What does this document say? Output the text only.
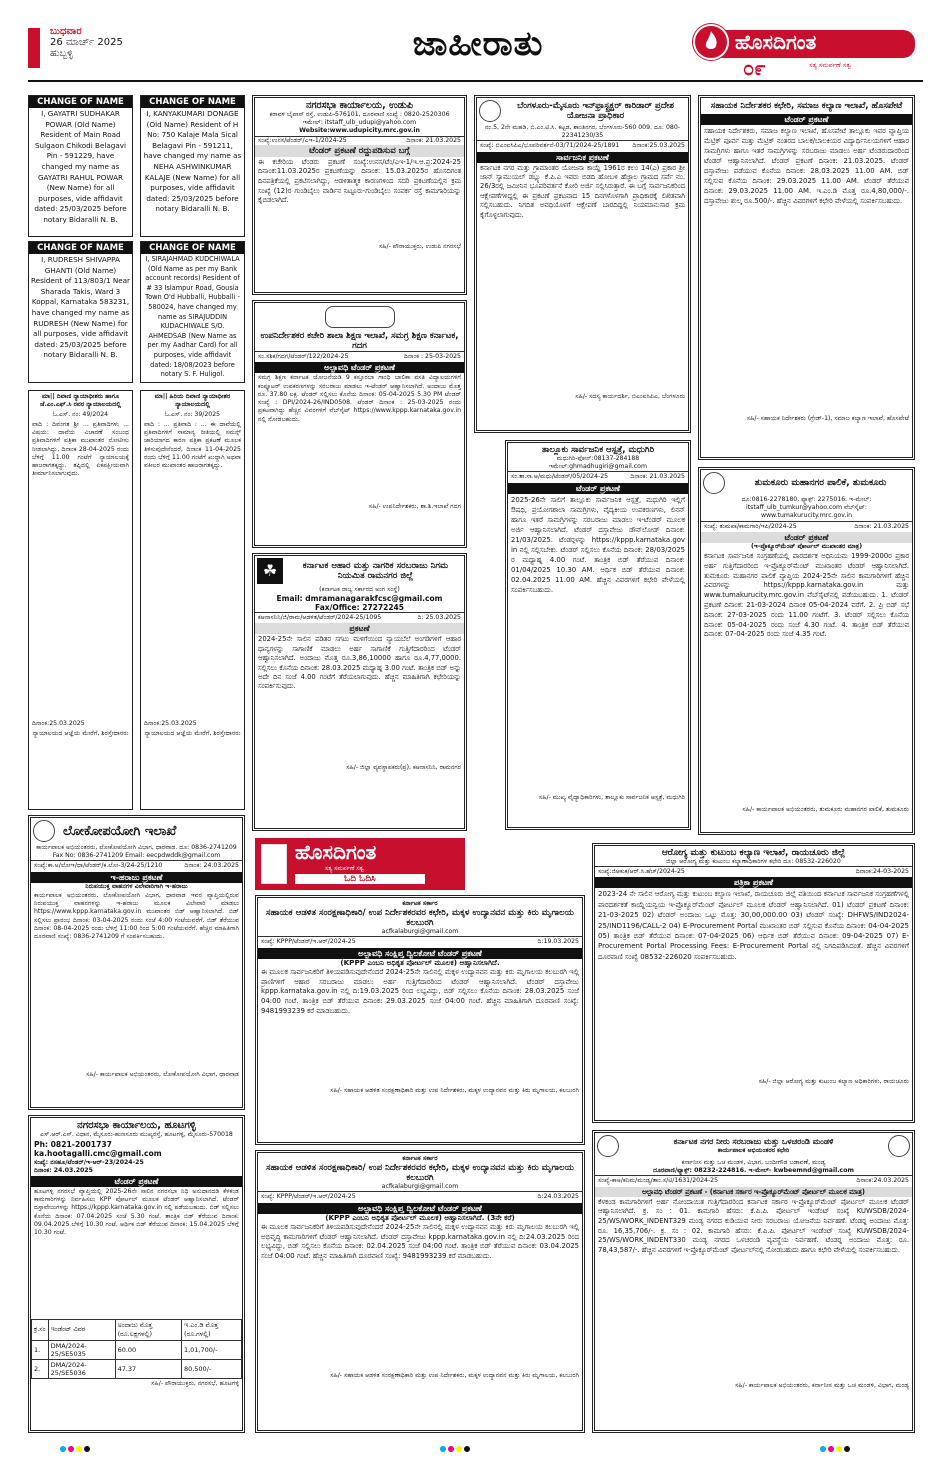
ಬುಧವಾರ
26 ಮಾರ್ಚ್ 2025
ಹುಬ್ಬಳ್ಳಿ	ಜಾಹೀರಾತು	ಹೊಸದಿಗಂತ
ಸತ್ಯ ಸಮರ್ಪಣೆ ಸತ್ವ
೦೯
CHANGE OF NAME
I, GAYATRI SUDHAKAR POWAR (Old Name) Resident of Main Road Sulgaon Chikodi Belagavi Pin - 591229, have changed my name as GAYATRI RAHUL POWAR (New Name) for all purposes, vide affidavit dated: 25/03/2025 before notary Bidaralli N. B.
CHANGE OF NAME
I, KANYAKUMARI DONAGE (Old Name) Resident of H No: 750 Kalaje Mala Sical Belagavi Pin - 591211, have changed my name as NEHA ASHWINKUMAR KALAJE (New Name) for all purposes, vide affidavit dated: 25/03/2025 before notary Bidaralli N. B.
CHANGE OF NAME
I, RUDRESH SHIVAPPA GHANTI (Old Name) Resident of 113/803/1 Near Sharada Takis, Ward 3 Koppal, Karnataka 583231, have changed my name as RUDRESH (New Name) for all purposes, vide affidavit dated: 25/03/2025 before notary Bidaralli N. B.
CHANGE OF NAME
I, SIRAJAHMAD KUDCHIWALA (Old Name as per my Bank account records) Resident of # 33 Islampur Road, Gousia Town O'd Hubballi, Hubballi - 580024, have changed my name as SIRAJUDDIN KUDACHIWALE S/O. AHMEDSAB (New Name as per my Aadhar Card) for all purposes, vide affidavit dated: 18/08/2023 before notary S. F. Huligol.
ಮಾ|| ದಿವಾಣಿ ನ್ಯಾಯಾಧೀಶರು ಹಾಗೂ ಜೆ.ಎಂ.ಎಫ್.ಸಿ ರವರ ನ್ಯಾಯಾಲಯದಲ್ಲಿ
ಓ.ಎಸ್. ನಂ: 49/2024
ವಾದಿ : ದಿವಂಗತ ಶ್ರೀ ... ಪ್ರತಿವಾದಿಗಳು ... ವಿಷಯ: ದಾವೆಯ ವಿಚಾರಣೆ ಸಂಬಂಧ ಪ್ರತಿವಾದಿಗಳಿಗೆ ಪತ್ರಿಕಾ ಮುಖಾಂತರ ನೋಟೀಸು ನೀಡಲಾಗಿದ್ದು, ದಿನಾಂಕ 28-04-2025 ರಂದು ಬೆಳಿಗ್ಗೆ 11.00 ಗಂಟೆಗೆ ನ್ಯಾಯಾಲಯಕ್ಕೆ ಹಾಜರಾಗತಕ್ಕದ್ದು. ತಪ್ಪಿದಲ್ಲಿ ಏಕಪಕ್ಷೀಯವಾಗಿ ತೀರ್ಮಾನಿಸಲಾಗುವುದು.
ದಿನಾಂಕ:25.03.2025
ನ್ಯಾಯಾಲಯದ ಆಜ್ಞೆಯ ಮೇರೆಗೆ, ಶಿರಸ್ತೇದಾರರು
ಮಾ|| ಹಿರಿಯ ದಿವಾಣಿ ನ್ಯಾಯಾಧೀಶರ ನ್ಯಾಯಾಲಯದಲ್ಲಿ
ಓ.ಎಸ್. ನಂ: 39/2025
ವಾದಿ : ... ಪ್ರತಿವಾದಿ : ... ಈ ದಾವೆಯಲ್ಲಿ ಪ್ರತಿವಾದಿಗಳಿಗೆ ಸಾಮಾನ್ಯ ರೀತಿಯಲ್ಲಿ ಸಮನ್ಸ್ ಜಾರಿಯಾಗದ ಕಾರಣ ಪತ್ರಿಕಾ ಪ್ರಕಟಣೆ ಮೂಲಕ ತಿಳಿಸುವುದೇನೆಂದರೆ, ದಿನಾಂಕ 11-04-2025 ರಂದು ಬೆಳಿಗ್ಗೆ 11.00 ಗಂಟೆಗೆ ಖುದ್ದಾಗಿ ಅಥವಾ ವಕೀಲರ ಮುಖಾಂತರ ಹಾಜರಾಗತಕ್ಕದ್ದು.
ದಿನಾಂಕ:25.03.2025
ನ್ಯಾಯಾಲಯದ ಆಜ್ಞೆಯ ಮೇರೆಗೆ, ಶಿರಸ್ತೇದಾರರು
ಲೋಕೋಪಯೋಗಿ ಇಲಾಖೆ
ಕಾರ್ಯಪಾಲಕ ಅಭಿಯಂತರರು, ಲೋಕೋಪಯೋಗಿ ವಿಭಾಗ, ಧಾರವಾಡ. ದೂ: 0836-2741209 Fax No: 0836-2741209 Email: eecpdwddk@gmail.com
ಸಂಖ್ಯೆ:ಕಾ.ಅ/ಲೋಇ/ಧಾ/ಟೆಂಡರ್/ಕ.ಲೋ-3/24-25/1210	ದಿನಾಂಕ: 24.03.2025
ಇ-ಹರಾಜು ಪ್ರಕಟಣೆ
ನಿರುಪಯುಕ್ತ ವಾಹನಗಳ ವಿಲೇವಾರಿಗಾಗಿ ಇ-ಹರಾಜು
ಕಾರ್ಯಪಾಲಕ ಅಭಿಯಂತರರು, ಲೋಕೋಪಯೋಗಿ ವಿಭಾಗ, ಧಾರವಾಡ ಇವರ ವ್ಯಾಪ್ತಿಯಲ್ಲಿರುವ ನಿರುಪಯುಕ್ತ ವಾಹನಗಳನ್ನು ಇ-ಹರಾಜು ಮೂಲಕ ವಿಲೇವಾರಿ ಮಾಡಲು https://www.kppp.karnataka.gov.in ಮುಖಾಂತರ ಬಿಡ್ ಆಹ್ವಾನಿಸಲಾಗಿದೆ. ಬಿಡ್ ಸಲ್ಲಿಸಲು ಪ್ರಾರಂಭ ದಿನಾಂಕ: 03-04-2025 ರಂದು ಸಂಜೆ 4:00 ಗಂಟೆಯವರೆಗೆ. ಬಿಡ್ ತೆರೆಯುವ ದಿನಾಂಕ: 08-04-2025 ರಂದು ಬೆಳಿಗ್ಗೆ 11:00 ರಿಂದ 5:00 ಗಂಟೆಯವರೆಗೆ. ಹೆಚ್ಚಿನ ಮಾಹಿತಿಗಾಗಿ ದೂರವಾಣಿ ಸಂಖ್ಯೆ: 0836-2741209 ಗೆ ಸಂಪರ್ಕಿಸಬಹುದು.
ಸಹಿ/- ಕಾರ್ಯಪಾಲಕ ಅಭಿಯಂತರರು, ಲೋಕೋಪಯೋಗಿ ವಿಭಾಗ, ಧಾರವಾಡ
ನಗರಸಭಾ ಕಾರ್ಯಾಲಯ, ಹೂಟಗಳ್ಳಿ
ಎಸ್.ಆರ್.ಎಸ್. ವಿಧಾನ, ಮೈಸೂರು-ಹುಣಸೂರು ಮುಖ್ಯರಸ್ತೆ, ಹೂಟಗಳ್ಳಿ, ಮೈಸೂರು-570018
Ph: 0821-2001737 ka.hootagalli.cmc@gmail.com
ಸಂಖ್ಯೆ: ನಸಹೂ/ಟೆಂಡರ್/ಇ-ಆರ್-23/2024-25
ದಿನಾಂಕ: 24.03.2025
ಟೆಂಡರ್ ಪ್ರಕಟಣೆ
ಹೂಟಗಳ್ಳಿ ನಗರಸಭೆ ವ್ಯಾಪ್ತಿಯಲ್ಲಿ 2025-26ನೇ ಸಾಲಿನ ನಗರಸಭಾ ನಿಧಿ ಅನುದಾನದಡಿ ಕೆಳಕಂಡ ಕಾಮಗಾರಿಗಳನ್ನು ನಿರ್ವಹಿಸಲು KPP ಪೋರ್ಟಲ್ ಮೂಲಕ ಟೆಂಡರ್ ಆಹ್ವಾನಿಸಲಾಗಿದೆ. ಟೆಂಡರ್ ದಸ್ತಾವೇಜುಗಳನ್ನು https://kppp.karnataka.gov.in ನಲ್ಲಿ ಪಡೆಯಬಹುದು. ಬಿಡ್ ಸಲ್ಲಿಸಲು ಕೊನೆಯ ದಿನಾಂಕ: 07.04.2025 ಸಂಜೆ 5.30 ಗಂಟೆ. ತಾಂತ್ರಿಕ ಬಿಡ್ ತೆರೆಯುವ ದಿನಾಂಕ: 09.04.2025 ಬೆಳಿಗ್ಗೆ 10.30 ಗಂಟೆ. ಆರ್ಥಿಕ ಬಿಡ್ ತೆರೆಯುವ ದಿನಾಂಕ: 15.04.2025 ಬೆಳಿಗ್ಗೆ 10.30 ಗಂಟೆ.
ಕ್ರ.ಸಂ	ಇಂಡೆಂಟ್ ವಿವರ	ಅಂದಾಜು ಮೊತ್ತ (ರೂ.ಲಕ್ಷಗಳಲ್ಲಿ)	ಇ.ಎಂ.ಡಿ ಮೊತ್ತ (ರೂ.ಗಳಲ್ಲಿ)
1.	DMA/2024-25/SE5035	60.00	1,01,700/-
2.	DMA/2024-25/SE5036	47.37	80,500/-
ಸಹಿ/- ಪೌರಾಯುಕ್ತರು, ನಗರಸಭೆ, ಹೂಟಗಳ್ಳಿ
ನಗರಸಭಾ ಕಾರ್ಯಾಲಯ, ಉಡುಪಿ
ಕರಾವಳಿ ಬೈಪಾಸ್ ರಸ್ತೆ, ಉಡುಪಿ-576101, ದೂರವಾಣಿ ಸಂಖ್ಯೆ : 0820-2520306
ಇಮೇಲ್: itstaff_ulb_udupi@yahoo.com
Website:www.udupicity.mrc.gov.in
ಸಂಖ್ಯೆ:ಉನಸ/ಟೆಂಡರ್/ಎಇ-1/2024-25	ದಿನಾಂಕ: 21.03.2025
ಟೆಂಡರ್ ಪ್ರಕಟಣೆ ರದ್ದುಪಡಿಸುವ ಬಗ್ಗೆ
ಈ ಕಚೇರಿಯ ಟೆಂಡರು ಪ್ರಕಟಣೆ ಸಂಖ್ಯೆ:ಉನಸ/ಟೆಂ/ಎಇ-1/ಇ.ಆ.ಪ್ರ:2024-25 ದಿನಾಂಕ:11.03.2025ರ ಪ್ರಕಟಣೆಯನ್ನು ದಿನಾಂಕ: 15.03.2025ರ ಹೊಸದಿಗಂತ ದಿನಪತ್ರಿಕೆಯಲ್ಲಿ ಪ್ರಕಟಿಸಲಾಗಿದ್ದು, ಆಡಳಿತಾತ್ಮಕ ಕಾರಣಗಳಿಂದ ಸದರಿ ಪ್ರಕಟಣೆಯಲ್ಲಿನ ಕ್ರಮ ಸಂಖ್ಯೆ (12)ರ ಗುಂಡಿಬೈಲು ವಾರ್ಡಿನ ನಿಟ್ಟೂರು-ಗುಂಡಿಬೈಲು ಸಂಪರ್ಕ ರಸ್ತೆ ಕಾಮಗಾರಿಯನ್ನು ಕೈಬಿಡಲಾಗಿದೆ.
ಸಹಿ/- ಪೌರಾಯುಕ್ತರು, ಉಡುಪಿ ನಗರಸಭೆ
ಉಪನಿರ್ದೇಶಕರ ಕಚೇರಿ ಶಾಲಾ ಶಿಕ್ಷಣ ಇಲಾಖೆ, ಸಮಗ್ರ ಶಿಕ್ಷಣ ಕರ್ನಾಟಕ, ಗದಗ
ಸಂ.ಸಶಿಕ/ಗದಗ/ಟೆಂಡರ್/122/2024-25	ದಿನಾಂಕ : 25-03-2025
ಅಲ್ಪಾವಧಿ ಟೆಂಡರ್ ಪ್ರಕಟಣೆ
ಸಮಗ್ರ ಶಿಕ್ಷಣ ಕರ್ನಾಟಕ ಯೋಜನೆಯಡಿ 9 ಕಸ್ತೂರಬಾ ಗಾಂಧಿ ಬಾಲಿಕಾ ವಸತಿ ವಿದ್ಯಾಲಯಗಳಿಗೆ ಕಂಪ್ಯೂಟರ್ ಉಪಕರಣಗಳನ್ನು ಸರಬರಾಜು ಮಾಡಲು ಇ-ಟೆಂಡರ್ ಆಹ್ವಾನಿಸಲಾಗಿದೆ. ಅಂದಾಜು ಮೊತ್ತ ರೂ. 37.80 ಲಕ್ಷ. ಟೆಂಡರ್ ಸಲ್ಲಿಸಲು ಕೊನೆಯ ದಿನಾಂಕ: 05-04-2025 5.30 PM ಟೆಂಡರ್ ಸಂಖ್ಯೆ : DPI/2024-26/IND0508. ಟೆಂಡರ್ ದಿನಾಂಕ : 25-03-2025 ರಂದು ಪ್ರಕಟವಾಗಿದ್ದು ಹೆಚ್ಚಿನ ವಿವರಗಳಿಗೆ ವೆಬ್‍ಸೈಟ್ https://www.kppp.karnataka.gov.in ನಲ್ಲಿ ನೋಡಬಹುದು.
ಸಹಿ/- ಉಪನಿರ್ದೇಶಕರು, ಶಾ.ಶಿ.ಇಲಾಖೆ ಗದಗ
☘	ಕರ್ನಾಟಕ ಆಹಾರ ಮತ್ತು ನಾಗರಿಕ ಸರಬರಾಜು ನಿಗಮ ನಿಯಮಿತ ರಾಮನಗರ ಜಿಲ್ಲೆ
(ಕರ್ನಾಟಕ ರಾಜ್ಯ ಸರ್ಕಾರದ ಅಂಗ ಸಂಸ್ಥೆ)
Email: dmramanagarakfcsc@gmail.com
Fax/Office: 27272245
ಕಆನಾಸನಿನಿ/ಜಿ/ರಾಮ/ಆಡಳಿತ/ಟೆಂಡರ್/2024-25/1095	ದಿ: 25.03.2025
ಪ್ರಕಟಣೆ
2024-25ನೇ ಸಾಲಿನ ಪಡಿತರ ಸಗಟು ಮಳಿಗೆಯಿಂದ ನ್ಯಾಯಬೆಲೆ ಅಂಗಡಿಗಳಿಗೆ ಆಹಾರ ಧಾನ್ಯಗಳನ್ನು ಸಾಗಾಣಿಕೆ ಮಾಡಲು ಅರ್ಹ ಸಾಗಾಣಿಕೆ ಗುತ್ತಿಗೆದಾರರಿಂದ ಟೆಂಡರ್ ಆಹ್ವಾನಿಸಲಾಗಿದೆ. ಅಂದಾಜು ಮೊತ್ತ ರೂ.3,86,10000 ಹಾಗೂ ರೂ.4,77,0000. ಸಲ್ಲಿಸಲು ಕೊನೆಯ ದಿನಾಂಕ: 28.03.2025 ಮಧ್ಯಾಹ್ನ 3.00 ಗಂಟೆ. ತಾಂತ್ರಿಕ ಬಿಡ್ ಅನ್ನು ಅದೇ ದಿನ ಸಂಜೆ 4.00 ಗಂಟೆಗೆ ತೆರೆಯಲಾಗುವುದು. ಹೆಚ್ಚಿನ ಮಾಹಿತಿಗಾಗಿ ಕಛೇರಿಯನ್ನು ಸಂಪರ್ಕಿಸುವುದು.
ಸಹಿ/- ಜಿಲ್ಲಾ ವ್ಯವಸ್ಥಾಪಕರು(ಪ್ರ), ಕಆನಾಸನಿನಿ, ರಾಮನಗರ
ಹೊಸದಿಗಂತ
ಸತ್ಯ ಸಮರ್ಪಣೆ ಸತ್ವ
ಓದಿ ಓದಿಸಿ
ಬೆಂಗಳೂರು-ಮೈಸೂರು ಇನ್‍ಫ್ರಾಸ್ಟ್ರಕ್ಚರ್ ಕಾರಿಡಾರ್ ಪ್ರದೇಶ ಯೋಜನಾ ಪ್ರಾಧಿಕಾರ
ನಂ.5, 2ನೇ ಮಹಡಿ, ಬಿ.ಎಂ.ಟಿ.ಸಿ. ಕಟ್ಟಡ, ಶಾಂತಿನಗರ, ಬೆಂಗಳೂರು-560 009. ದೂ: 080-22341230/35
ಸಂಖ್ಯೆ: ಬಿಎಂಐಸಿಪಿಎ/ಭೂಪರಿವರ್ತನೆ-03/71/2024-25/1891 ದಿನಾಂಕ:25.03.2025
ಸಾರ್ವಜನಿಕ ಪ್ರಕಟಣೆ
ಕರ್ನಾಟಕ ನಗರ ಮತ್ತು ಗ್ರಾಮಾಂತರ ಯೋಜನಾ ಕಾಯ್ದೆ 1961ರ ಕಲಂ 14(ಎ) ಪ್ರಕಾರ ಶ್ರೀ ಜಾನ್ ಸ್ಯಾಮುಯಲ್ ಡಬ್ಲ್ಯು ಕೆ.ಪಿ.ಎ ಇವರು ಬಿಡದಿ ಹೋಬಳಿ ಹೆಜ್ಜಾಲ ಗ್ರಾಮದ ಸರ್ವೆ ನಂ. 26/3ರಲ್ಲಿ ಜಮೀನಿನ ಭೂಪರಿವರ್ತನೆ ಕೋರಿ ಅರ್ಜಿ ಸಲ್ಲಿಸಿರುತ್ತಾರೆ. ಈ ಬಗ್ಗೆ ಸಾರ್ವಜನಿಕರಿಂದ ಆಕ್ಷೇಪಣೆಗಳಿದ್ದಲ್ಲಿ ಈ ಪ್ರಕಟಣೆ ಪ್ರಕಟವಾದ 15 ದಿನಗಳೊಳಗಾಗಿ ಪ್ರಾಧಿಕಾರಕ್ಕೆ ಲಿಖಿತವಾಗಿ ಸಲ್ಲಿಸಬಹುದು. ನಿಗದಿತ ಅವಧಿಯೊಳಗೆ ಆಕ್ಷೇಪಣೆ ಬಾರದಿದ್ದಲ್ಲಿ ನಿಯಮಾನುಸಾರ ಕ್ರಮ ಕೈಗೊಳ್ಳಲಾಗುವುದು.
ಸಹಿ/- ಸದಸ್ಯ ಕಾರ್ಯದರ್ಶಿ, ಬಿಎಂಐಸಿಪಿಎ, ಬೆಂಗಳೂರು
ತಾಲ್ಲೂಕು ಸಾರ್ವಜನಿಕ ಆಸ್ಪತ್ರೆ, ಮಧುಗಿರಿ
ಮಧುಗಿರಿ-ಫೋನ್:08137-284188 ಇಮೇಲ್:ghmadhugiri@gmail.com
ಸಂ.ತಾ.ಸಾ.ಆ/ಮಧು/ಟೆಂಡರ್/05/2024-25	ದಿನಾಂಕ: 21.03.2025
ಟೆಂಡರ್ ಪ್ರಕಟಣೆ
2025-26ನೇ ಸಾಲಿಗೆ ತಾಲ್ಲೂಕು ಸಾರ್ವಜನಿಕ ಆಸ್ಪತ್ರೆ, ಮಧುಗಿರಿ ಇಲ್ಲಿಗೆ ಔಷಧಿ, ಪ್ರಯೋಗಶಾಲಾ ಸಾಮಗ್ರಿಗಳು, ವೈದ್ಯಕೀಯ ಉಪಕರಣಗಳು, ಲಿನನ್ ಹಾಗೂ ಇತರೆ ಸಾಮಗ್ರಿಗಳನ್ನು ಸರಬರಾಜು ಮಾಡಲು ಇ-ಟೆಂಡರ್ ಮೂಲಕ ಅರ್ಜಿ ಆಹ್ವಾನಿಸಲಾಗಿದೆ. ಟೆಂಡರ್ ದಸ್ತಾವೇಜು ಡೌನ್‍ಲೋಡ್ ದಿನಾಂಕ: 21/03/2025. ಟೆಂಡರ್‍ಗಳನ್ನು https://kppp.karnataka.gov in ನಲ್ಲಿ ಸಲ್ಲಿಸಬೇಕು. ಟೆಂಡರ್ ಸಲ್ಲಿಸಲು ಕೊನೆಯ ದಿನಾಂಕ: 28/03/2025 ರ ಮಧ್ಯಾಹ್ನ 4.00 ಗಂಟೆ. ತಾಂತ್ರಿಕ ಬಿಡ್ ತೆರೆಯುವ ದಿನಾಂಕ: 01/04/2025 10.30 AM. ಆರ್ಥಿಕ ಬಿಡ್ ತೆರೆಯುವ ದಿನಾಂಕ: 02.04.2025 11.00 AM. ಹೆಚ್ಚಿನ ವಿವರಗಳಿಗೆ ಕಛೇರಿ ವೇಳೆಯಲ್ಲಿ ಸಂಪರ್ಕಿಸಬಹುದು.
ಸಹಿ/- ಮುಖ್ಯ ವೈದ್ಯಾಧಿಕಾರಿಗಳು, ತಾಲ್ಲೂಕು ಸಾರ್ವಜನಿಕ ಆಸ್ಪತ್ರೆ, ಮಧುಗಿರಿ
ಸಹಾಯಕ ನಿರ್ದೇಶಕರ ಕಛೇರಿ, ಸಮಾಜ ಕಲ್ಯಾಣ ಇಲಾಖೆ, ಹೊಸಪೇಟೆ
ಟೆಂಡರ್ ಪ್ರಕಟಣೆ
ಸಹಾಯಕ ನಿರ್ದೇಶಕರು, ಸಮಾಜ ಕಲ್ಯಾಣ ಇಲಾಖೆ, ಹೊಸಪೇಟೆ ತಾಲ್ಲೂಕು ಇವರ ವ್ಯಾಪ್ತಿಯ ಮೆಟ್ರಿಕ್ ಪೂರ್ವ ಮತ್ತು ಮೆಟ್ರಿಕ್ ನಂತರದ ಬಾಲಕ/ಬಾಲಕಿಯರ ವಿದ್ಯಾರ್ಥಿನಿಲಯಗಳಿಗೆ ಆಹಾರ ಸಾಮಗ್ರಿಗಳು ಹಾಗೂ ಇತರೆ ಸಾಮಗ್ರಿಗಳನ್ನು ಸರಬರಾಜು ಮಾಡಲು ಅರ್ಹ ಟೆಂಡರುದಾರರಿಂದ ಟೆಂಡರ್ ಆಹ್ವಾನಿಸಲಾಗಿದೆ. ಟೆಂಡರ್ ಪ್ರಕಟಣೆ ದಿನಾಂಕ: 21.03.2025. ಟೆಂಡರ್ ದಸ್ತಾವೇಜು ಪಡೆಯುವ ಕೊನೆಯ ದಿನಾಂಕ: 28.03.2025 11.00 AM. ಬಿಡ್ ಸಲ್ಲಿಸುವ ಕೊನೆಯ ದಿನಾಂಕ: 29.03.2025 11.00 AM. ಟೆಂಡರ್ ತೆರೆಯುವ ದಿನಾಂಕ: 29.03.2025 11.00 AM. ಇ.ಎಂ.ಡಿ ಮೊತ್ತ ರೂ.4,80,000/-. ದಸ್ತಾವೇಜು ಶುಲ್ಕ ರೂ.500/-. ಹೆಚ್ಚಿನ ವಿವರಗಳಿಗೆ ಕಛೇರಿ ವೇಳೆಯಲ್ಲಿ ಸಂಪರ್ಕಿಸಬಹುದು.
ಸಹಿ/- ಸಹಾಯಕ ನಿರ್ದೇಶಕರು (ಗ್ರೇಡ್-1), ಸಮಾಜ ಕಲ್ಯಾಣ ಇಲಾಖೆ, ಹೊಸಪೇಟೆ
ತುಮಕೂರು ಮಹಾನಗರ ಪಾಲಿಕೆ, ತುಮಕೂರು
ದೂ:0816-2278180, ಫ್ಯಾಕ್ಸ್: 2275016. ಇ-ಮೇಲ್: itstaff_ulb_tumkur@yahoo.com ವೆಬ್‍ಸೈಟ್: www.tumakurucity.mrc.gov.in
ಸಂಖ್ಯೆ: ತುಮಪಾ/ಕಾಮಗಾರಿ/ಇಪಿ/2024-25	ದಿನಾಂಕ: 21.03.2025
ಟೆಂಡರ್ ಪ್ರಕಟಣೆ
(ಇ-ಪ್ರೊಕ್ಯೂರ್‌ಮೆಂಟ್ ಪೋರ್ಟಲ್ ಮುಖಾಂತರ ಮಾತ್ರ)
ಕರ್ನಾಟಕ ಸಾರ್ವಜನಿಕ ಸಂಗ್ರಹಣೆಯಲ್ಲಿ ಪಾರದರ್ಶಕ ಅಧಿನಿಯಮ 1999-2000ರ ಪ್ರಕಾರ ಅರ್ಹ ಗುತ್ತಿಗೆದಾರರಿಂದ ಇ-ಪ್ರೊಕ್ಯೂರ್‌ಮೆಂಟ್ ಮುಖಾಂತರ ಟೆಂಡರ್ ಆಹ್ವಾನಿಸಲಾಗಿದೆ. ತುಮಕೂರು ಮಹಾನಗರ ಪಾಲಿಕೆ ವ್ಯಾಪ್ತಿಯ 2024-25ನೇ ಸಾಲಿನ ಕಾಮಗಾರಿಗಳಿಗೆ ಹೆಚ್ಚಿನ ವಿವರಗಳನ್ನು https://kppp.karnataka.gov.in ಮತ್ತು www.tumakurucity.mrc.gov.in ವೆಬ್‍ಸೈಟ್‍ನಲ್ಲಿ ಪಡೆಯಬಹುದು. 1. ಟೆಂಡರ್ ಪ್ರಕಟಣೆ ದಿನಾಂಕ: 21-03-2024 ದಿನಾಂಕ 05-04-2024 ವರೆಗೆ. 2. ಪ್ರಿ ಬಿಡ್ ಸಭೆ ದಿನಾಂಕ: 27-03-2025 ರಂದು 11.00 ಗಂಟೆಗೆ. 3. ಟೆಂಡರ್ ಸಲ್ಲಿಸಲು ಕೊನೆಯ ದಿನಾಂಕ: 05-04-2025 ರಂದು ಸಂಜೆ 4.30 ಗಂಟೆ. 4. ತಾಂತ್ರಿಕ ಬಿಡ್ ತೆರೆಯುವ ದಿನಾಂಕ: 07-04-2025 ರಂದು ಸಂಜೆ 4.35 ಗಂಟೆ.
ಸಹಿ/- ಕಾರ್ಯಪಾಲಕ ಅಭಿಯಂತರರು, ತುಮಕೂರು ಮಹಾನಗರ ಪಾಲಿಕೆ, ತುಮಕೂರು
ಕರ್ನಾಟಕ ಸರ್ಕಾರ
ಸಹಾಯಕ ಆಡಳಿತ ಸಂರಕ್ಷಣಾಧಿಕಾರಿ/ ಉಪ ನಿರ್ದೇಶಕರವರ ಕಛೇರಿ, ಮಕ್ಕಳ ಉದ್ಯಾನವನ ಮತ್ತು ಕಿರು ಮೃಗಾಲಯ ಕಲಬುರಗಿ
acfkalaburgi@gmail.com
ಸಂಖ್ಯೆ: KPPP/ಟೆಂಡರ್/ಇ.ಆರ್/2024-25	ದಿ:19.03.2025
ಅಲ್ಪಾವಧಿ ಸಂಕ್ಷಿಪ್ತ ದ್ವಿಲಕೋಟೆ ಟೆಂಡರ್ ಪ್ರಕಟಣೆ
(KPPP ಎಂಬನಿ ಅಧಿಕೃತ ಪೋರ್ಟಲ್ ಮೂಲಕ) ಆಹ್ವಾನಿಸಲಾಗಿದೆ.
ಈ ಮೂಲಕ ಸಾರ್ವಜನಿಕರಿಗೆ ತಿಳಿಯಪಡಿಸುವುದೇನೆಂದರೆ 2024-25ನೇ ಸಾಲಿನಲ್ಲಿ ಮಕ್ಕಳ ಉದ್ಯಾನವನ ಮತ್ತು ಕಿರು ಮೃಗಾಲಯ ಕಲಬುರಗಿ ಇಲ್ಲಿ ಪ್ರಾಣಿಗಳಿಗೆ ಆಹಾರ ಸರಬರಾಜು ಮಾಡಲು ಅರ್ಹ ಗುತ್ತಿಗೆದಾರರಿಂದ ಟೆಂಡರ್ ಆಹ್ವಾನಿಸಲಾಗಿದೆ. ಟೆಂಡರ್ ದಸ್ತಾವೇಜು kppp.karnataka.gov.in ನಲ್ಲಿ ದಿ:19.03.2025 ರಿಂದ ಲಭ್ಯವಿದ್ದು, ಬಿಡ್ ಸಲ್ಲಿಸಲು ಕೊನೆಯ ದಿನಾಂಕ: 28.03.2025 ಸಂಜೆ 04:00 ಗಂಟೆ. ತಾಂತ್ರಿಕ ಬಿಡ್ ತೆರೆಯುವ ದಿನಾಂಕ: 29.03.2025 ಸಂಜೆ 04:00 ಗಂಟೆ. ಹೆಚ್ಚಿನ ಮಾಹಿತಿಗಾಗಿ ದೂರವಾಣಿ ಸಂಖ್ಯೆ: 9481993239 ಕರೆ ಮಾಡಬಹುದು.
ಸಹಿ/- ಸಹಾಯಕ ಆಡಳಿತ ಸಂರಕ್ಷಣಾಧಿಕಾರಿ ಮತ್ತು ಉಪ ನಿರ್ದೇಶಕರು, ಮಕ್ಕಳ ಉದ್ಯಾನವನ ಮತ್ತು ಕಿರು ಮೃಗಾಲಯ, ಕಲಬುರಗಿ
ಕರ್ನಾಟಕ ಸರ್ಕಾರ
ಸಹಾಯಕ ಆಡಳಿತ ಸಂರಕ್ಷಣಾಧಿಕಾರಿ/ ಉಪ ನಿರ್ದೇಶಕರವರ ಕಛೇರಿ, ಮಕ್ಕಳ ಉದ್ಯಾನವನ ಮತ್ತು ಕಿರು ಮೃಗಾಲಯ ಕಲಬುರಗಿ
acfkalaburgi@gmail.com
ಸಂಖ್ಯೆ: KPPP/ಟೆಂಡರ್/ಇ.ಆರ್/2024-25	ದಿ:24.03.2025
ಅಲ್ಪಾವಧಿ ಸಂಕ್ಷಿಪ್ತ ದ್ವಿಲಕೋಟೆ ಟೆಂಡರ್ ಪ್ರಕಟಣೆ
(KPPP ಎಂಬನಿ ಅಧಿಕೃತ ಪೋರ್ಟಲ್ ಮೂಲಕ) ಆಹ್ವಾನಿಸಲಾಗಿದೆ. (3ನೇ ಕರೆ)
ಈ ಮೂಲಕ ಸಾರ್ವಜನಿಕರಿಗೆ ತಿಳಿಯಪಡಿಸುವುದೇನೆಂದರೆ 2024-25ನೇ ಸಾಲಿನಲ್ಲಿ ಮಕ್ಕಳ ಉದ್ಯಾನವನ ಮತ್ತು ಕಿರು ಮೃಗಾಲಯ ಕಲಬುರಗಿ ಇಲ್ಲಿ ಅಭಿವೃದ್ಧಿ ಕಾಮಗಾರಿಗಳಿಗೆ ಟೆಂಡರ್ ಆಹ್ವಾನಿಸಲಾಗಿದೆ. ಟೆಂಡರ್ ದಸ್ತಾವೇಜು kppp.karnataka.gov.in ನಲ್ಲಿ ದಿ:24.03.2025 ರಿಂದ ಲಭ್ಯವಿದ್ದು, ಬಿಡ್ ಸಲ್ಲಿಸಲು ಕೊನೆಯ ದಿನಾಂಕ: 02.04.2025 ಸಂಜೆ 04:00 ಗಂಟೆ. ತಾಂತ್ರಿಕ ಬಿಡ್ ತೆರೆಯುವ ದಿನಾಂಕ: 03.04.2025 ಸಂಜೆ 04:00 ಗಂಟೆ. ಹೆಚ್ಚಿನ ಮಾಹಿತಿಗಾಗಿ ದೂರವಾಣಿ ಸಂಖ್ಯೆ: 9481993239 ಕರೆ ಮಾಡಬಹುದು.
ಸಹಿ/- ಸಹಾಯಕ ಆಡಳಿತ ಸಂರಕ್ಷಣಾಧಿಕಾರಿ ಮತ್ತು ಉಪ ನಿರ್ದೇಶಕರು, ಮಕ್ಕಳ ಉದ್ಯಾನವನ ಮತ್ತು ಕಿರು ಮೃಗಾಲಯ, ಕಲಬುರಗಿ
ಆರೋಗ್ಯ ಮತ್ತು ಕುಟುಂಬ ಕಲ್ಯಾಣ ಇಲಾಖೆ, ರಾಯಚೂರು ಜಿಲ್ಲೆ
ಜಿಲ್ಲಾ ಆರೋಗ್ಯ ಮತ್ತು ಕುಟುಂಬ ಕಲ್ಯಾಣಾಧಿಕಾರಿಗಳ ಕಛೇರಿ ದೂ: 08532-226020
ಸಂಖ್ಯೆ:ಜಿಆಕುಕ/ಆರ್.ಸಿ.ಹೆಚ್/2024-25	ದಿನಾಂಕ:24-03-2025
ಪತ್ರಿಕಾ ಪ್ರಕಟಣೆ
2023-24 ನೇ ಸಾಲಿನ ಆರೋಗ್ಯ ಮತ್ತು ಕುಟುಂಬ ಕಲ್ಯಾಣ ಇಲಾಖೆ, ರಾಯಚೂರು ಜಿಲ್ಲೆ ವತಿಯಿಂದ ಕರ್ನಾಟಕ ಸಾರ್ವಜನಿಕ ಸಂಗ್ರಹಣೆಗಳಲ್ಲಿ ಪಾರದರ್ಶಕತೆ ಕಾಯ್ದೆಯನ್ವಯ ಇ-ಪ್ರೊಕ್ಯೂರ್‌ಮೆಂಟ್ ಪೋರ್ಟಲ್ ಮೂಲಕ ಟೆಂಡರ್ ಆಹ್ವಾನಿಸಲಾಗಿದೆ. 01) ಟೆಂಡರ್ ಪ್ರಕಟಣೆ ದಿನಾಂಕ: 21-03-2025 02) ಟೆಂಡರ್ ಅಂದಾಜು ಒಟ್ಟು ಮೊತ್ತ: 30,00,000.00 03) ಟೆಂಡರ್ ಸಂಖ್ಯೆ: DHFWS/IND2024-25/IND1196/CALL-2 04) E-Procurement Portal ಮುಖಾಂತರ ಬಿಡ್ ಸಲ್ಲಿಸುವ ಕೊನೆಯ ದಿನಾಂಕ: 04-04-2025 05) ತಾಂತ್ರಿಕ ಬಿಡ್ ತೆರೆಯುವ ದಿನಾಂಕ: 07-04-2025 06) ಆರ್ಥಿಕ ಬಿಡ್ ತೆರೆಯುವ ದಿನಾಂಕ: 09-04-2025 07) E-Procurement Portal Processing Fees: E-Procurement Portal ನಲ್ಲಿ ನಿಗದಿಪಡಿಸಿದಂತೆ. ಹೆಚ್ಚಿನ ವಿವರಗಳಿಗೆ ದೂರವಾಣಿ ಸಂಖ್ಯೆ 08532-226020 ಸಂಪರ್ಕಿಸಬಹುದು.
ಸಹಿ/- ಜಿಲ್ಲಾ ಆರೋಗ್ಯ ಮತ್ತು ಕುಟುಂಬ ಕಲ್ಯಾಣ ಅಧಿಕಾರಿಗಳು, ರಾಯಚೂರು
ಕರ್ನಾಟಕ ನಗರ ನೀರು ಸರಬರಾಜು ಮತ್ತು ಒಳಚರಂಡಿ ಮಂಡಳಿ
ಕಾರ್ಯಪಾಲಕ ಅಭಿಯಂತರರ ಕಛೇರಿ
ಕರ್ನಾನೀಸ ಮತ್ತು ಒಚ ಮಂಡಳಿ, ವಿಭಾಗ, ಬಂದೀಗೌಡ ಬಡಾವಣೆ, ಮಂಡ್ಯ
ದೂರವಾಣಿ/ಫ್ಯಾಕ್ಸ್: 08232-224816. ಇ-ಮೇಲ್- kwbeemnd@gmail.com
ಸಂಖ್ಯೆ-ಕಾಅ/ಕನಿಮ/ಮಂಡ್ಯ/ತಾಂ.ಸ/ಟಿ/1631/2024-25	ದಿನಾಂಕ:24.03.2025
ಅಲ್ಪಾವಧಿ ಟೆಂಡರ್ ಪ್ರಕಟಣೆ - (ಕರ್ನಾಟಕ ಸರ್ಕಾರ ಇ-ಪ್ರೊಕ್ಯೂರ್‌ಮೆಂಟ್ ಪೋರ್ಟಲ್ ಮೂಲಕ ಮಾತ್ರ)
ಕೆಳಕಂಡ ಕಾಮಗಾರಿಗಳಿಗೆ ಅರ್ಹ ನೋಂದಾಯಿತ ಗುತ್ತಿಗೆದಾರರಿಂದ ಕರ್ನಾಟಕ ಸರ್ಕಾರ ಇ-ಪ್ರೊಕ್ಯೂರ್‌ಮೆಂಟ್ ಪೋರ್ಟಲ್ ಮೂಲಕ ಟೆಂಡರ್ ಆಹ್ವಾನಿಸಲಾಗಿದೆ. ಕ್ರ. ಸಂ : 01. ಕಾಮಗಾರಿ ಹೆಸರು: ಕೆ.ಪಿ.ಪಿ. ಪೋರ್ಟಲ್ ಇಂಡೆಂಟ್ ಸಂಖ್ಯೆ KUWSDB/2024-25/WS/WORK_INDENT329 ಮಂಡ್ಯ ನಗರದ ಕುಡಿಯುವ ನೀರು ಸರಬರಾಜು ಯೋಜನೆಯ ನಿರ್ವಹಣೆ. ಟೆಂಡರ್‍ನ ಅಂದಾಜು ಮೊತ್ತ: ರೂ. 16,35,706/-. ಕ್ರ. ಸಂ : 02. ಕಾಮಗಾರಿ ಹೆಸರು: ಕೆ.ಪಿ.ಪಿ. ಪೋರ್ಟಲ್ ಇಂಡೆಂಟ್ ಸಂಖ್ಯೆ KUWSDB/2024-25/WS/WORK_INDENT330 ಮಂಡ್ಯ ನಗರದ ಒಳಚರಂಡಿ ವ್ಯವಸ್ಥೆಯ ನಿರ್ವಹಣೆ. ಟೆಂಡರ್‍ನ ಅಂದಾಜು ಮೊತ್ತ: ರೂ. 78,43,587/-. ಹೆಚ್ಚಿನ ವಿವರಗಳಿಗೆ ಇ-ಪ್ರೊಕ್ಯೂರ್‌ಮೆಂಟ್ ಪೋರ್ಟಲ್‍ನಲ್ಲಿ ನೋಡಬಹುದು ಹಾಗೂ ಕಛೇರಿ ವೇಳೆಯಲ್ಲಿ ಸಂಪರ್ಕಿಸಬಹುದು.
ಸಹಿ/- ಕಾರ್ಯಪಾಲಕ ಅಭಿಯಂತರರು, ಕರ್ನಾನೀಸ ಮತ್ತು ಒಚ ಮಂಡಳಿ, ವಿಭಾಗ, ಮಂಡ್ಯ
